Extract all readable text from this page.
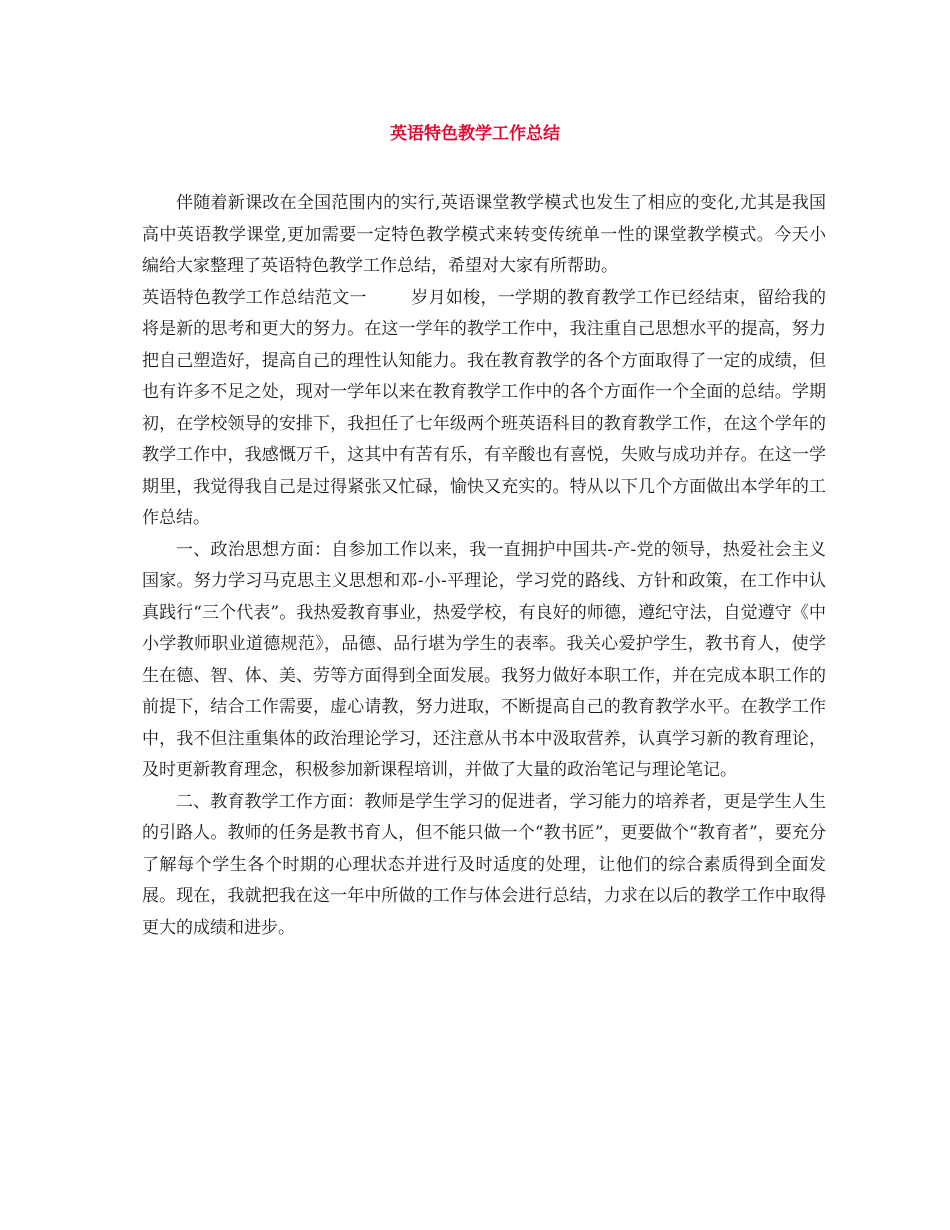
英语特色教学工作总结

伴随着新课改在全国范围内的实行,英语课堂教学模式也发生了相应的变化,尤其是我国高中英语教学课堂,更加需要一定特色教学模式来转变传统单一性的课堂教学模式。今天小编给大家整理了英语特色教学工作总结，希望对大家有所帮助。

英语特色教学工作总结范文一	岁月如梭，一学期的教育教学工作已经结束，留给我的将是新的思考和更大的努力。在这一学年的教学工作中，我注重自己思想水平的提高，努力把自己塑造好，提高自己的理性认知能力。我在教育教学的各个方面取得了一定的成绩，但也有许多不足之处，现对一学年以来在教育教学工作中的各个方面作一个全面的总结。学期初，在学校领导的安排下，我担任了七年级两个班英语科目的教育教学工作，在这个学年的教学工作中，我感慨万千，这其中有苦有乐，有辛酸也有喜悦，失败与成功并存。在这一学期里，我觉得我自己是过得紧张又忙碌，愉快又充实的。特从以下几个方面做出本学年的工作总结。

一、政治思想方面：自参加工作以来，我一直拥护中国共-产-党的领导，热爱社会主义国家。努力学习马克思主义思想和邓-小-平理论，学习党的路线、方针和政策，在工作中认真践行“三个代表”。我热爱教育事业，热爱学校，有良好的师德，遵纪守法，自觉遵守《中小学教师职业道德规范》，品德、品行堪为学生的表率。我关心爱护学生，教书育人，使学生在德、智、体、美、劳等方面得到全面发展。我努力做好本职工作，并在完成本职工作的前提下，结合工作需要，虚心请教，努力进取，不断提高自己的教育教学水平。在教学工作中，我不但注重集体的政治理论学习，还注意从书本中汲取营养，认真学习新的教育理论，及时更新教育理念，积极参加新课程培训，并做了大量的政治笔记与理论笔记。

二、教育教学工作方面：教师是学生学习的促进者，学习能力的培养者，更是学生人生的引路人。教师的任务是教书育人，但不能只做一个“教书匠”，更要做个“教育者”，要充分了解每个学生各个时期的心理状态并进行及时适度的处理，让他们的综合素质得到全面发展。现在，我就把我在这一年中所做的工作与体会进行总结，力求在以后的教学工作中取得更大的成绩和进步。
